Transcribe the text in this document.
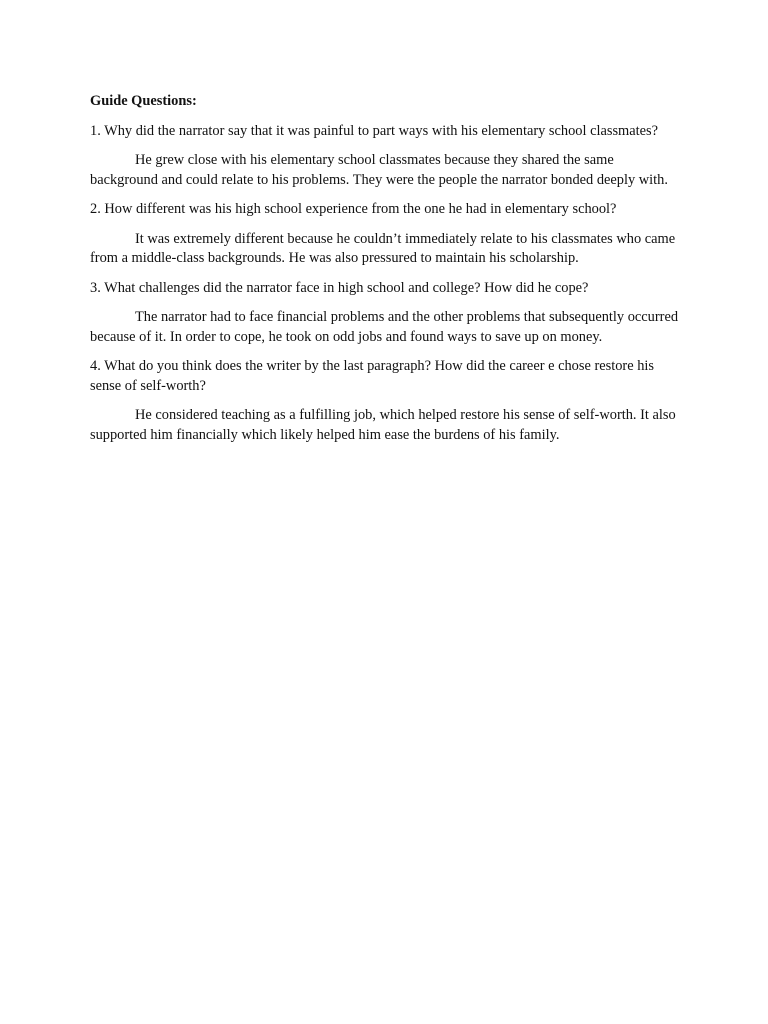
Guide Questions:

1. Why did the narrator say that it was painful to part ways with his elementary school classmates?

He grew close with his elementary school classmates because they shared the same background and could relate to his problems. They were the people the narrator bonded deeply with.

2. How different was his high school experience from the one he had in elementary school?

It was extremely different because he couldn’t immediately relate to his classmates who came from a middle-class backgrounds. He was also pressured to maintain his scholarship.

3. What challenges did the narrator face in high school and college? How did he cope?

The narrator had to face financial problems and the other problems that subsequently occurred because of it. In order to cope, he took on odd jobs and found ways to save up on money.

4. What do you think does the writer by the last paragraph? How did the career e chose restore his sense of self-worth?

He considered teaching as a fulfilling job, which helped restore his sense of self-worth. It also supported him financially which likely helped him ease the burdens of his family.
